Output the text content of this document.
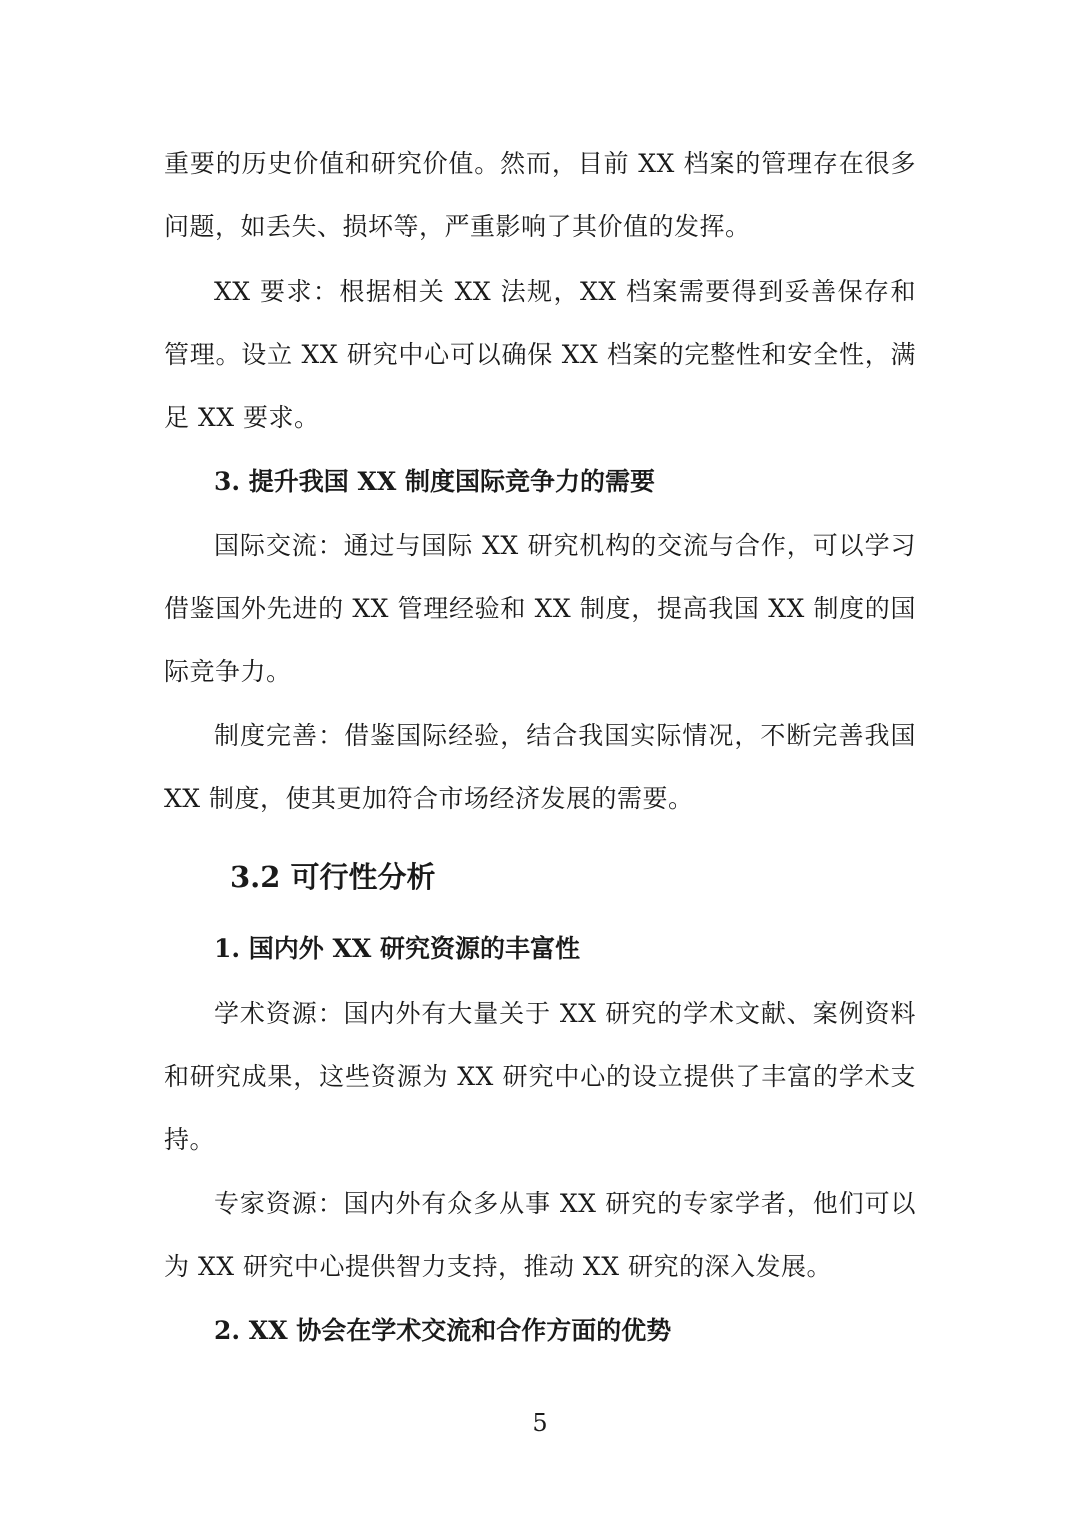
重要的历史价值和研究价值。然而，目前 XX 档案的管理存在很多问题，如丢失、损坏等，严重影响了其价值的发挥。

XX 要求：根据相关 XX 法规，XX 档案需要得到妥善保存和管理。设立 XX 研究中心可以确保 XX 档案的完整性和安全性，满足 XX 要求。

3. 提升我国 XX 制度国际竞争力的需要

国际交流：通过与国际 XX 研究机构的交流与合作，可以学习借鉴国外先进的 XX 管理经验和 XX 制度，提高我国 XX 制度的国际竞争力。

制度完善：借鉴国际经验，结合我国实际情况，不断完善我国 XX 制度，使其更加符合市场经济发展的需要。

3.2 可行性分析
1. 国内外 XX 研究资源的丰富性

学术资源：国内外有大量关于 XX 研究的学术文献、案例资料和研究成果，这些资源为 XX 研究中心的设立提供了丰富的学术支持。

专家资源：国内外有众多从事 XX 研究的专家学者，他们可以为 XX 研究中心提供智力支持，推动 XX 研究的深入发展。

2. XX 协会在学术交流和合作方面的优势

5
